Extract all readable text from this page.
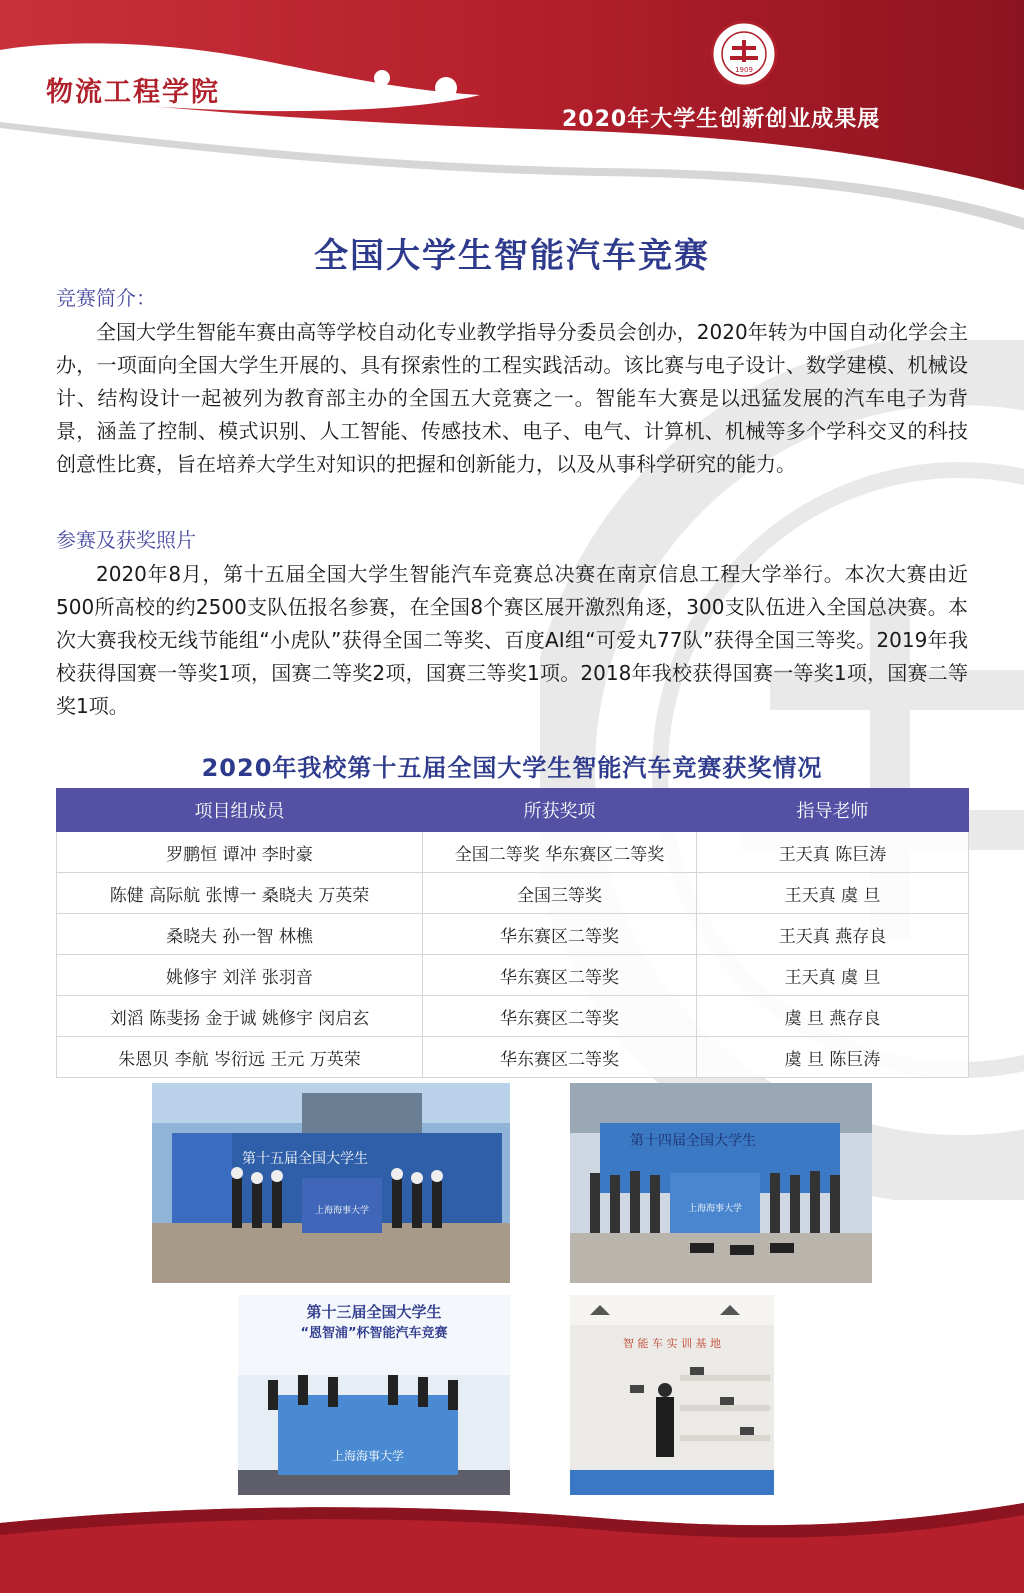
物流工程学院
1909
2020年大学生创新创业成果展
全国大学生智能汽车竞赛
竞赛简介：

全国大学生智能车赛由高等学校自动化专业教学指导分委员会创办，2020年转为中国自动化学会主办，一项面向全国大学生开展的、具有探索性的工程实践活动。该比赛与电子设计、数学建模、机械设计、结构设计一起被列为教育部主办的全国五大竞赛之一。智能车大赛是以迅猛发展的汽车电子为背景，涵盖了控制、模式识别、人工智能、传感技术、电子、电气、计算机、机械等多个学科交叉的科技创意性比赛，旨在培养大学生对知识的把握和创新能力，以及从事科学研究的能力。

参赛及获奖照片

2020年8月，第十五届全国大学生智能汽车竞赛总决赛在南京信息工程大学举行。本次大赛由近500所高校的约2500支队伍报名参赛，在全国8个赛区展开激烈角逐，300支队伍进入全国总决赛。本次大赛我校无线节能组“小虎队”获得全国二等奖、百度AI组“可爱丸77队”获得全国三等奖。2019年我校获得国赛一等奖1项，国赛二等奖2项，国赛三等奖1项。2018年我校获得国赛一等奖1项，国赛二等奖1项。

2020年我校第十五届全国大学生智能汽车竞赛获奖情况
项目组成员	所获奖项	指导老师
罗鹏恒 谭冲 李时豪	全国二等奖 华东赛区二等奖	王天真 陈巨涛
陈健 高际航 张博一 桑晓夫 万英荣	全国三等奖	王天真 虞 旦
桑晓夫 孙一智 林樵	华东赛区二等奖	王天真 燕存良
姚修宇 刘洋 张羽音	华东赛区二等奖	王天真 虞 旦
刘滔 陈斐扬 金于诚 姚修宇 闵启玄	华东赛区二等奖	虞 旦 燕存良
朱恩贝 李航 岑衍远 王元 万英荣	华东赛区二等奖	虞 旦 陈巨涛
第十五届全国大学生
上海海事大学
第十四届全国大学生
上海海事大学
第十三届全国大学生
“恩智浦”杯智能汽车竞赛
上海海事大学
智 能 车 实 训 基 地
